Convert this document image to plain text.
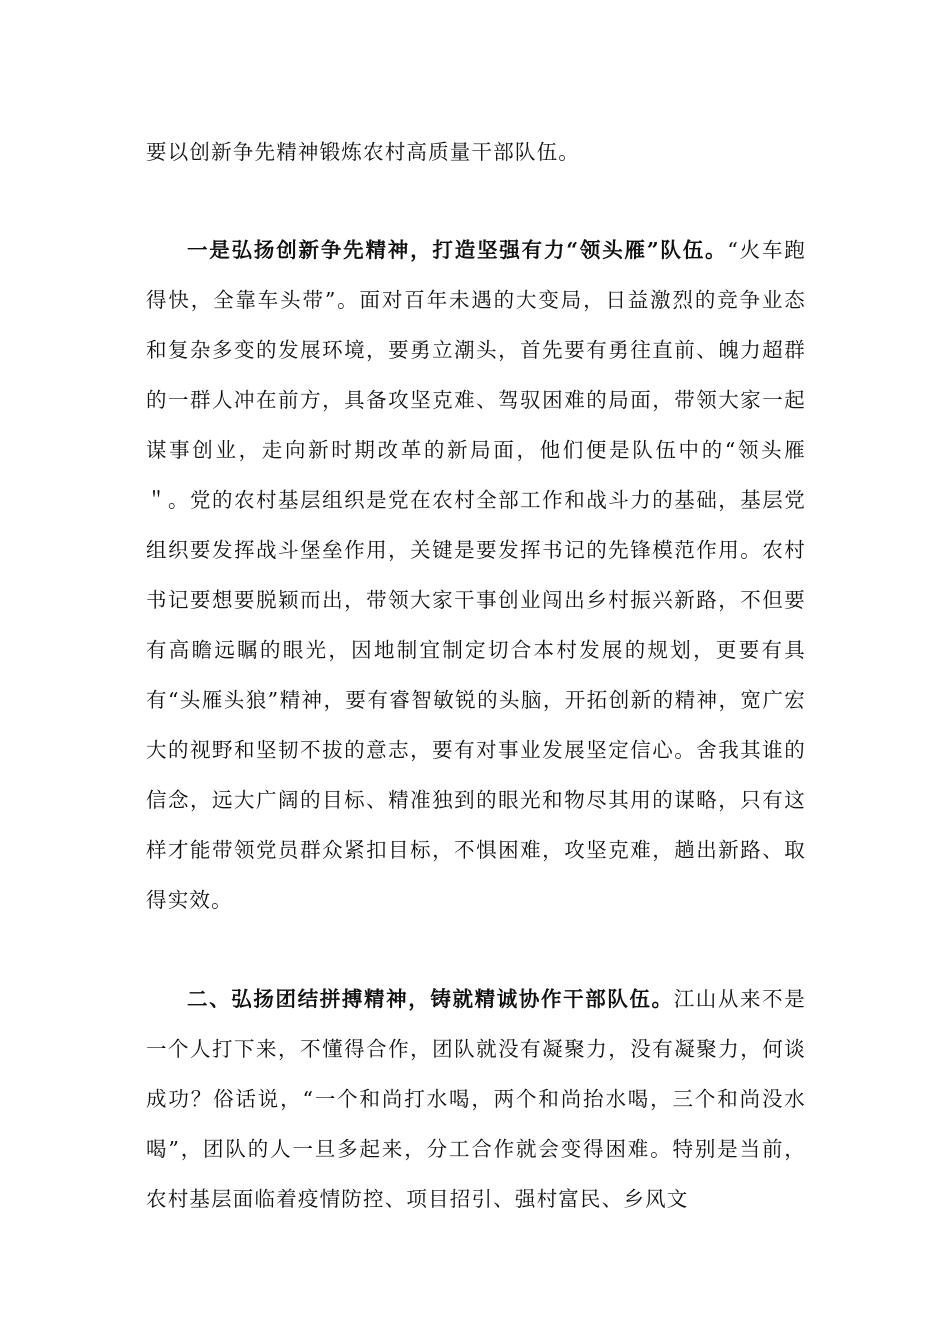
要以创新争先精神锻炼农村高质量干部队伍。

一是弘扬创新争先精神，打造坚强有力“领头雁”队伍。“火车跑得快，全靠车头带”。面对百年未遇的大变局，日益激烈的竞争业态和复杂多变的发展环境，要勇立潮头，首先要有勇往直前、魄力超群的一群人冲在前方，具备攻坚克难、驾驭困难的局面，带领大家一起谋事创业，走向新时期改革的新局面，他们便是队伍中的“领头雁＂。党的农村基层组织是党在农村全部工作和战斗力的基础，基层党组织要发挥战斗堡垒作用，关键是要发挥书记的先锋模范作用。农村书记要想要脱颖而出，带领大家干事创业闯出乡村振兴新路，不但要有高瞻远瞩的眼光，因地制宜制定切合本村发展的规划，更要有具有“头雁头狼”精神，要有睿智敏锐的头脑，开拓创新的精神，宽广宏大的视野和坚韧不拔的意志，要有对事业发展坚定信心。舍我其谁的信念，远大广阔的目标、精准独到的眼光和物尽其用的谋略，只有这样才能带领党员群众紧扣目标，不惧困难，攻坚克难，趟出新路、取得实效。

二、弘扬团结拼搏精神，铸就精诚协作干部队伍。江山从来不是一个人打下来，不懂得合作，团队就没有凝聚力，没有凝聚力，何谈成功？俗话说，“一个和尚打水喝，两个和尚抬水喝，三个和尚没水喝”，团队的人一旦多起来，分工合作就会变得困难。特别是当前，农村基层面临着疫情防控、项目招引、强村富民、乡风文
